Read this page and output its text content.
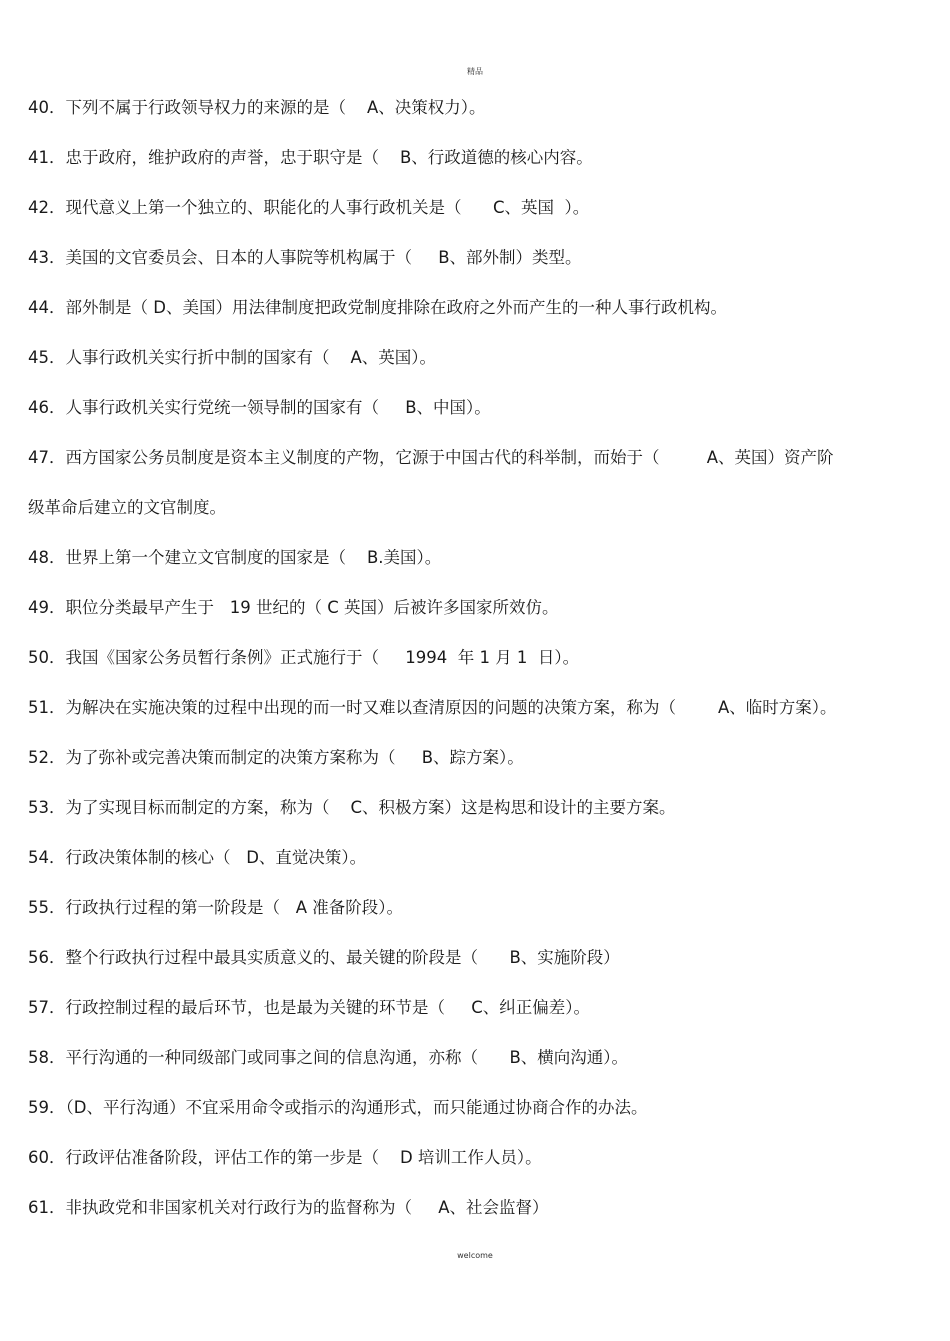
精品
40．下列不属于行政领导权力的来源的是（    A、决策权力）。
41．忠于政府，维护政府的声誉，忠于职守是（    B、行政道德的核心内容。
42．现代意义上第一个独立的、职能化的人事行政机关是（      C、英国  ）。
43．美国的文官委员会、日本的人事院等机构属于（     B、部外制）类型。
44．部外制是（ D、美国）用法律制度把政党制度排除在政府之外而产生的一种人事行政机构。
45．人事行政机关实行折中制的国家有（    A、英国）。
46．人事行政机关实行党统一领导制的国家有（     B、中国）。
47．西方国家公务员制度是资本主义制度的产物，它源于中国古代的科举制，而始于（         A、英国）资产阶
级革命后建立的文官制度。
48．世界上第一个建立文官制度的国家是（    B.美国）。
49．职位分类最早产生于   19 世纪的（ C 英国）后被许多国家所效仿。
50．我国《国家公务员暂行条例》正式施行于（     1994  年 1 月 1  日）。
51．为解决在实施决策的过程中出现的而一时又难以查清原因的问题的决策方案，称为（        A、临时方案）。
52．为了弥补或完善决策而制定的决策方案称为（     B、踪方案）。
53．为了实现目标而制定的方案，称为（    C、积极方案）这是构思和设计的主要方案。
54．行政决策体制的核心（   D、直觉决策）。
55．行政执行过程的第一阶段是（   A 准备阶段）。
56．整个行政执行过程中最具实质意义的、最关键的阶段是（      B、实施阶段）
57．行政控制过程的最后环节，也是最为关键的环节是（     C、纠正偏差）。
58．平行沟通的一种同级部门或同事之间的信息沟通，亦称（      B、横向沟通）。
59．（D、平行沟通）不宜采用命令或指示的沟通形式，而只能通过协商合作的办法。
60．行政评估准备阶段，评估工作的第一步是（    D 培训工作人员）。
61．非执政党和非国家机关对行政行为的监督称为（     A、社会监督）
welcome
